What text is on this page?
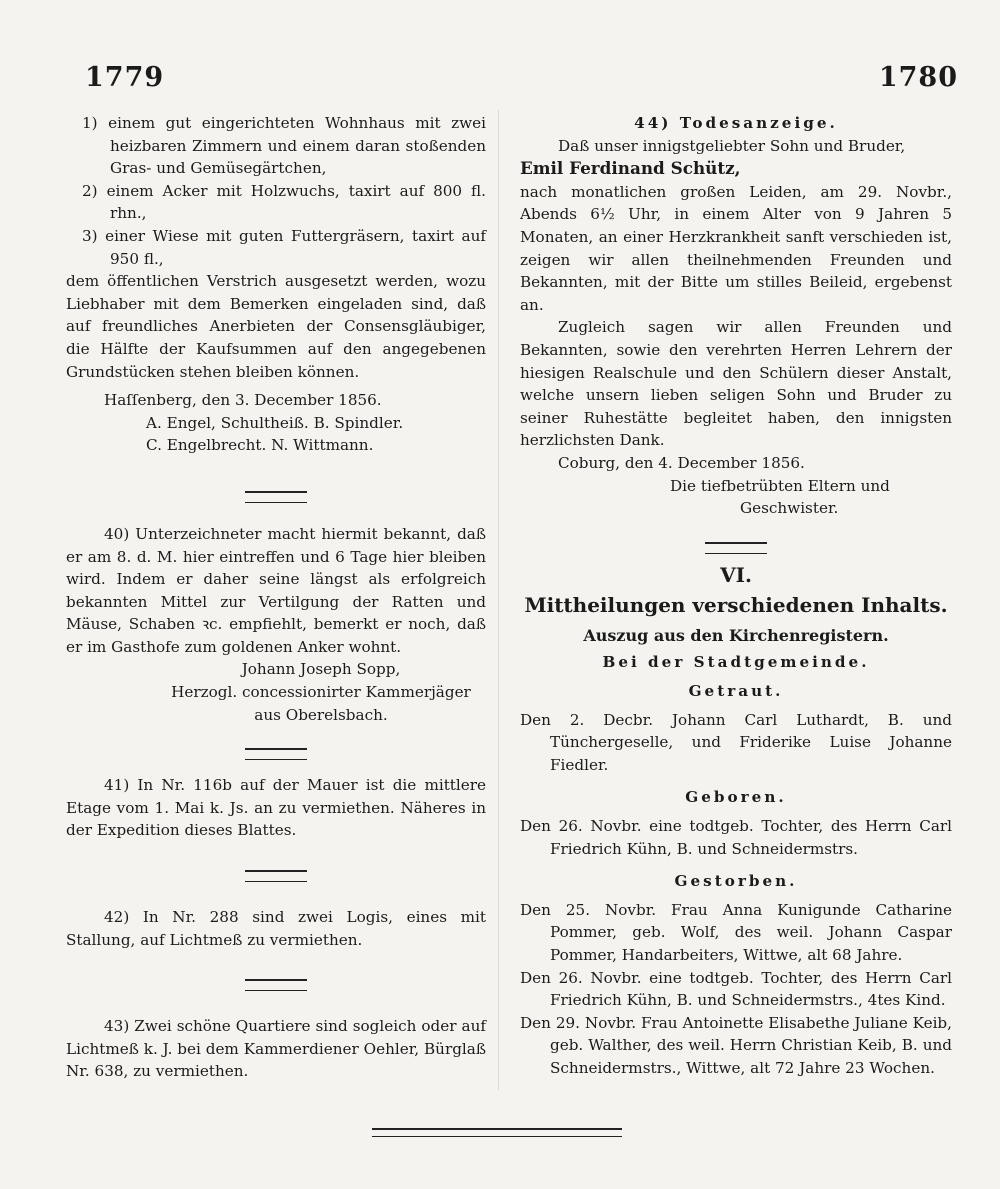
1779	1780

1) einem gut eingerichteten Wohnhaus mit zwei heizbaren Zimmern und einem daran stoßenden Gras- und Gemüsegärtchen,

2) einem Acker mit Holzwuchs, taxirt auf 800 fl. rhn.,

3) einer Wiese mit guten Futtergräsern, taxirt auf 950 fl.,

dem öffentlichen Verstrich ausgesetzt werden, wozu Liebhaber mit dem Bemerken eingeladen sind, daß auf freundliches Anerbieten der Consensgläubiger, die Hälfte der Kaufsummen auf den angegebenen Grundstücken stehen bleiben können.

Haſſenberg, den 3. December 1856.

A. Engel, Schultheiß. B. Spindler.

C. Engelbrecht. N. Wittmann.

40) Unterzeichneter macht hiermit bekannt, daß er am 8. d. M. hier eintreffen und 6 Tage hier bleiben wird. Indem er daher seine längst als erfolgreich bekannten Mittel zur Vertilgung der Ratten und Mäuse, Schaben ꝛc. empfiehlt, bemerkt er noch, daß er im Gasthofe zum goldenen Anker wohnt.

Johann Joseph Sopp,

Herzogl. concessionirter Kammerjäger

aus Oberelsbach.

41) In Nr. 116b auf der Mauer ist die mittlere Etage vom 1. Mai k. Js. an zu vermiethen. Näheres in der Expedition dieses Blattes.

42) In Nr. 288 sind zwei Logis, eines mit Stallung, auf Lichtmeß zu vermiethen.

43) Zwei schöne Quartiere sind sogleich oder auf Lichtmeß k. J. bei dem Kammerdiener Oehler, Bürglaß Nr. 638, zu vermiethen.

44) Todesanzeige.

Daß unser innigstgeliebter Sohn und Bruder,

Emil Ferdinand Schütz,

nach monatlichen großen Leiden, am 29. Novbr., Abends 6½ Uhr, in einem Alter von 9 Jahren 5 Monaten, an einer Herzkrankheit sanft verschieden ist, zeigen wir allen theilnehmenden Freunden und Bekannten, mit der Bitte um stilles Beileid, ergebenst an.

Zugleich sagen wir allen Freunden und Bekannten, sowie den verehrten Herren Lehrern der hiesigen Realschule und den Schülern dieser Anstalt, welche unsern lieben seligen Sohn und Bruder zu seiner Ruhestätte begleitet haben, den innigsten herzlichsten Dank.

Coburg, den 4. December 1856.

Die tiefbetrübten Eltern und

Geschwister.

VI.
Mittheilungen verschiedenen Inhalts.
Auszug aus den Kirchenregistern.
Bei der Stadtgemeinde.
Getraut.

Den 2. Decbr. Johann Carl Luthardt, B. und Tünchergeselle, und Friderike Luise Johanne Fiedler.

Geboren.

Den 26. Novbr. eine todtgeb. Tochter, des Herrn Carl Friedrich Kühn, B. und Schneidermstrs.

Gestorben.

Den 25. Novbr. Frau Anna Kunigunde Catharine Pommer, geb. Wolf, des weil. Johann Caspar Pommer, Handarbeiters, Wittwe, alt 68 Jahre.

Den 26. Novbr. eine todtgeb. Tochter, des Herrn Carl Friedrich Kühn, B. und Schneidermstrs., 4tes Kind.

Den 29. Novbr. Frau Antoinette Elisabethe Juliane Keib, geb. Walther, des weil. Herrn Christian Keib, B. und Schneidermstrs., Wittwe, alt 72 Jahre 23 Wochen.
